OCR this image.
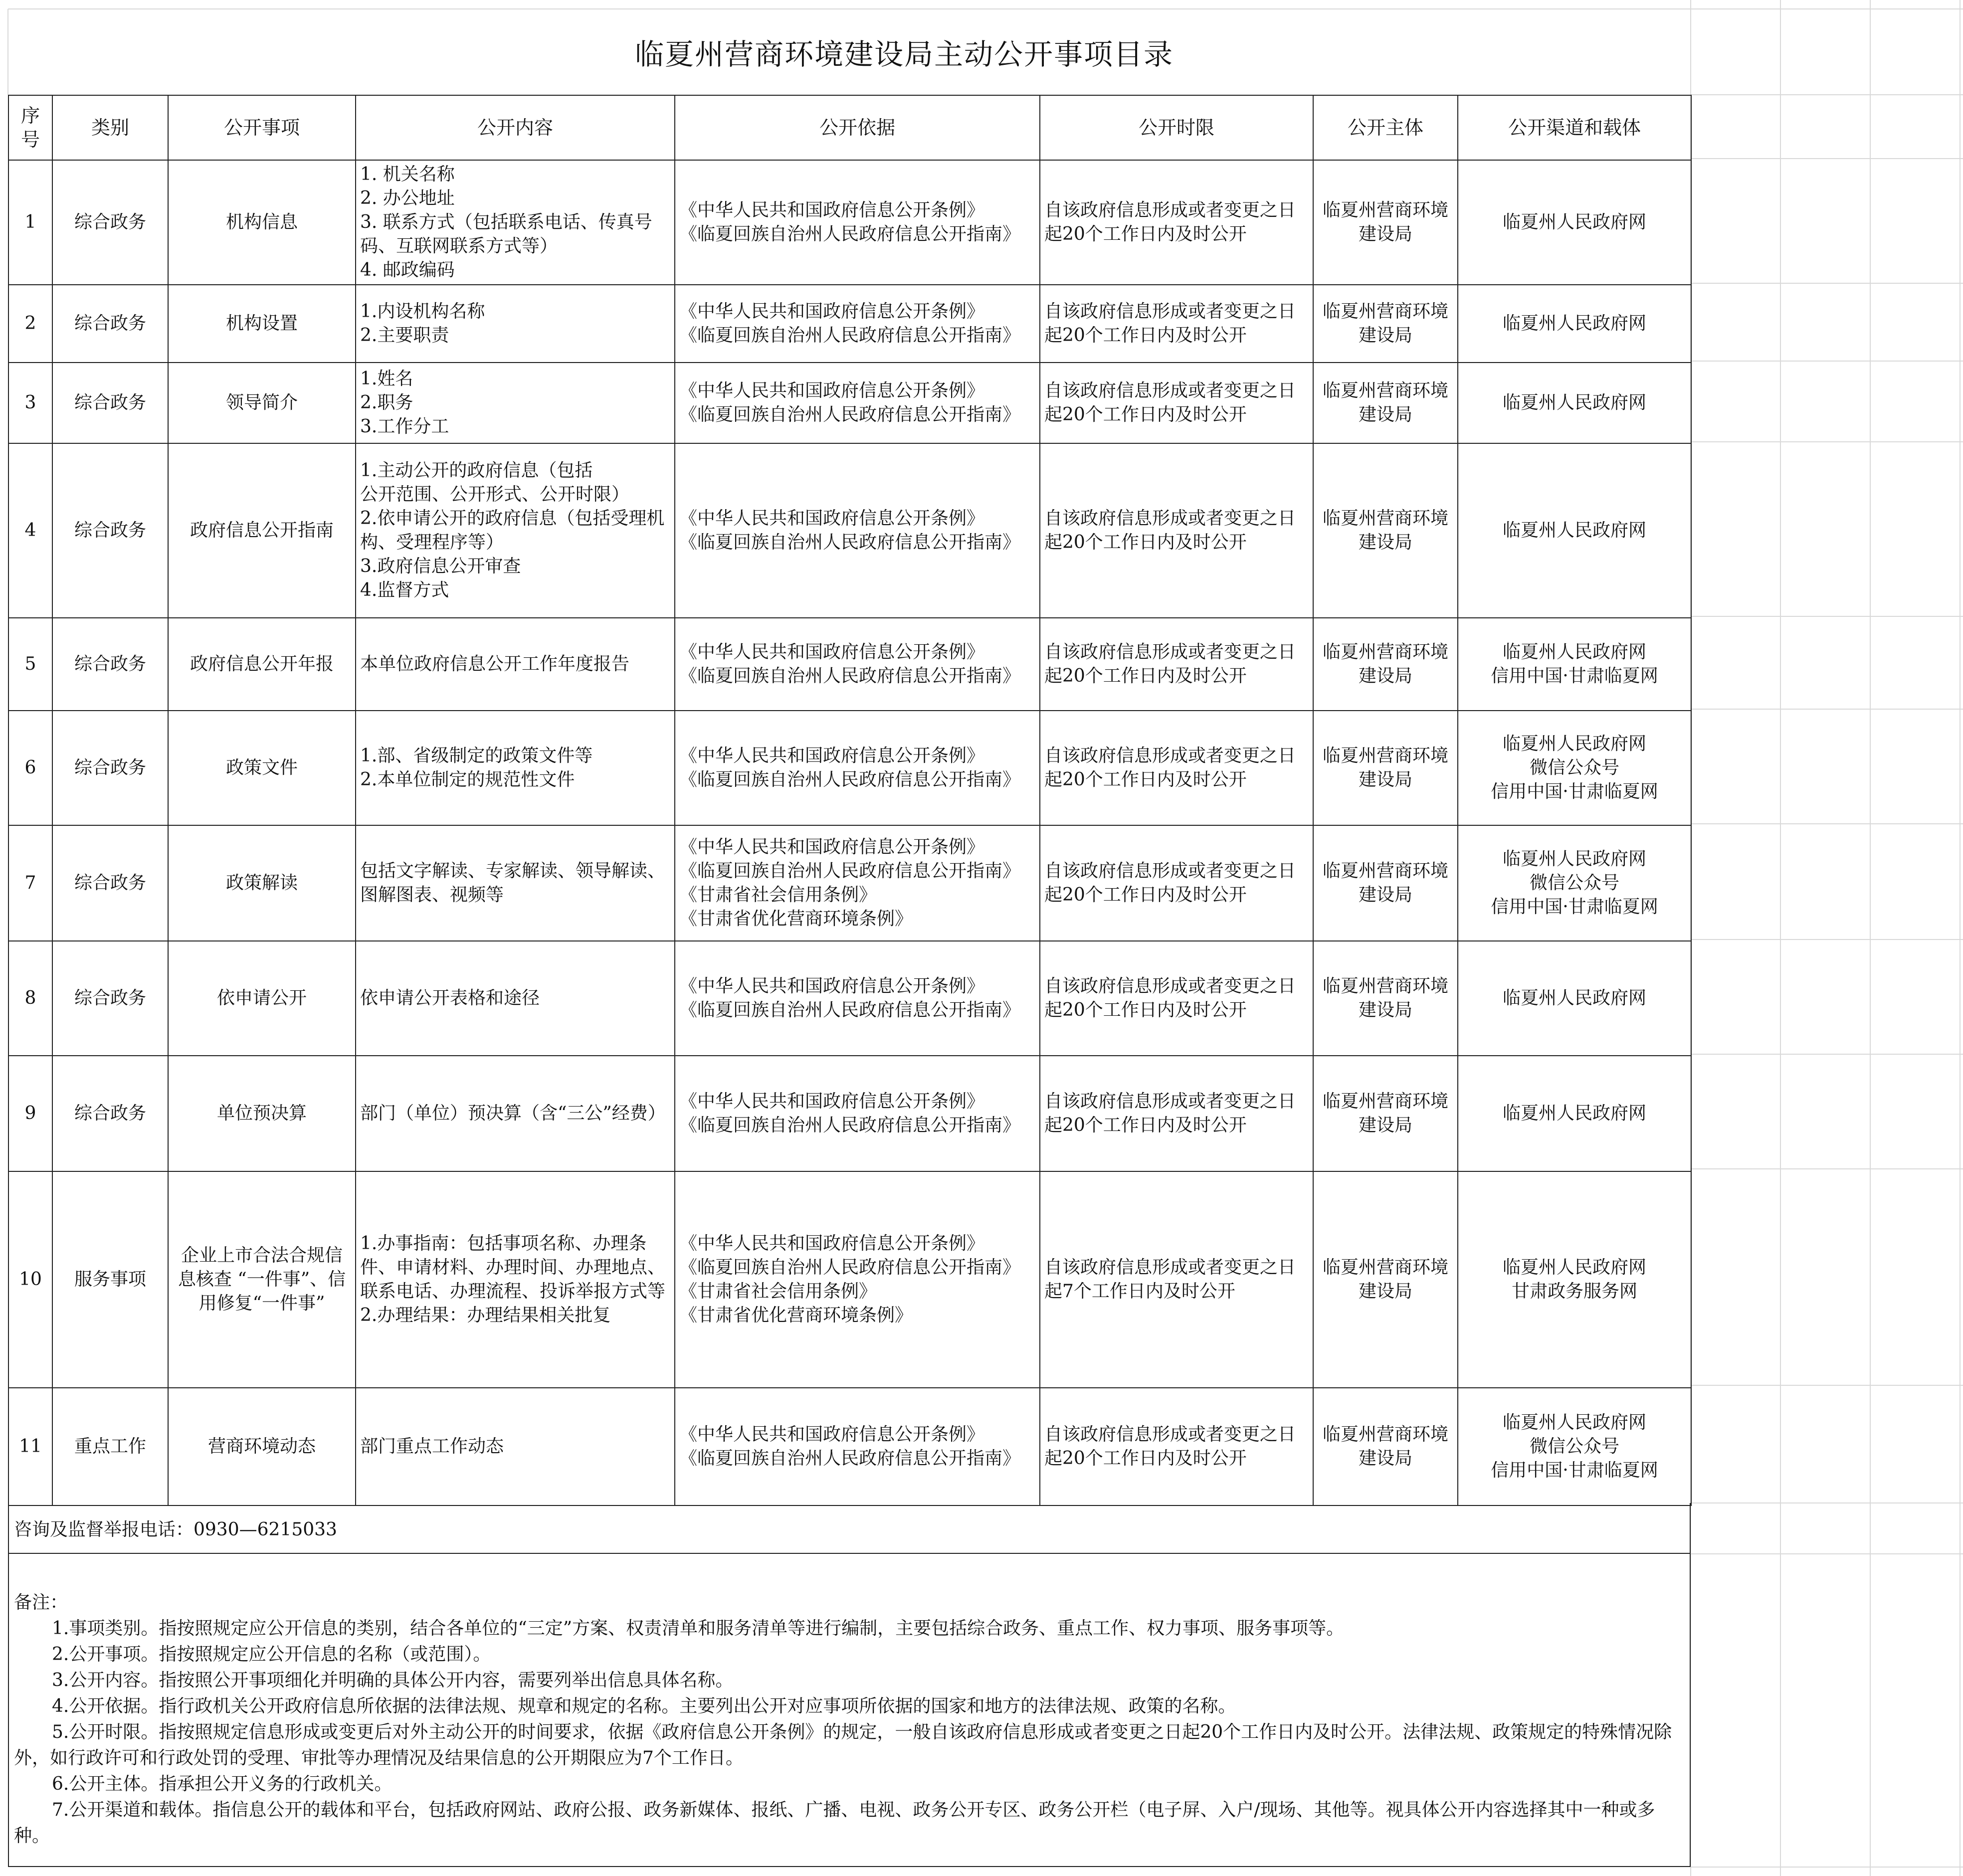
临夏州营商环境建设局主动公开事项目录
序号	类别	公开事项	公开内容	公开依据	公开时限	公开主体	公开渠道和载体
1	综合政务	机构信息	1. 机关名称
2. 办公地址
3. 联系方式（包括联系电话、传真号码、互联网联系方式等）
4. 邮政编码	《中华人民共和国政府信息公开条例》
《临夏回族自治州人民政府信息公开指南》	自该政府信息形成或者变更之日起20个工作日内及时公开	临夏州营商环境建设局	临夏州人民政府网
2	综合政务	机构设置	1.内设机构名称
2.主要职责	《中华人民共和国政府信息公开条例》
《临夏回族自治州人民政府信息公开指南》	自该政府信息形成或者变更之日起20个工作日内及时公开	临夏州营商环境建设局	临夏州人民政府网
3	综合政务	领导简介	1.姓名
2.职务
3.工作分工	《中华人民共和国政府信息公开条例》
《临夏回族自治州人民政府信息公开指南》	自该政府信息形成或者变更之日起20个工作日内及时公开	临夏州营商环境建设局	临夏州人民政府网
4	综合政务	政府信息公开指南	1.主动公开的政府信息（包括
公开范围、公开形式、公开时限）
2.依申请公开的政府信息（包括受理机构、受理程序等）
3.政府信息公开审查
4.监督方式	《中华人民共和国政府信息公开条例》
《临夏回族自治州人民政府信息公开指南》	自该政府信息形成或者变更之日起20个工作日内及时公开	临夏州营商环境建设局	临夏州人民政府网
5	综合政务	政府信息公开年报	本单位政府信息公开工作年度报告	《中华人民共和国政府信息公开条例》
《临夏回族自治州人民政府信息公开指南》	自该政府信息形成或者变更之日起20个工作日内及时公开	临夏州营商环境建设局	临夏州人民政府网
信用中国·甘肃临夏网
6	综合政务	政策文件	1.部、省级制定的政策文件等
2.本单位制定的规范性文件	《中华人民共和国政府信息公开条例》
《临夏回族自治州人民政府信息公开指南》	自该政府信息形成或者变更之日起20个工作日内及时公开	临夏州营商环境建设局	临夏州人民政府网
微信公众号
信用中国·甘肃临夏网
7	综合政务	政策解读	包括文字解读、专家解读、领导解读、图解图表、视频等	《中华人民共和国政府信息公开条例》
《临夏回族自治州人民政府信息公开指南》
《甘肃省社会信用条例》
《甘肃省优化营商环境条例》	自该政府信息形成或者变更之日起20个工作日内及时公开	临夏州营商环境建设局	临夏州人民政府网
微信公众号
信用中国·甘肃临夏网
8	综合政务	依申请公开	依申请公开表格和途径	《中华人民共和国政府信息公开条例》
《临夏回族自治州人民政府信息公开指南》	自该政府信息形成或者变更之日起20个工作日内及时公开	临夏州营商环境建设局	临夏州人民政府网
9	综合政务	单位预决算	部门（单位）预决算（含“三公”经费）	《中华人民共和国政府信息公开条例》
《临夏回族自治州人民政府信息公开指南》	自该政府信息形成或者变更之日起20个工作日内及时公开	临夏州营商环境建设局	临夏州人民政府网
10	服务事项	企业上市合法合规信息核查 “一件事”、信用修复“一件事”	1.办事指南：包括事项名称、办理条件、申请材料、办理时间、办理地点、联系电话、办理流程、投诉举报方式等
2.办理结果：办理结果相关批复	《中华人民共和国政府信息公开条例》
《临夏回族自治州人民政府信息公开指南》
《甘肃省社会信用条例》
《甘肃省优化营商环境条例》	自该政府信息形成或者变更之日起7个工作日内及时公开	临夏州营商环境建设局	临夏州人民政府网
甘肃政务服务网
11	重点工作	营商环境动态	部门重点工作动态	《中华人民共和国政府信息公开条例》
《临夏回族自治州人民政府信息公开指南》	自该政府信息形成或者变更之日起20个工作日内及时公开	临夏州营商环境建设局	临夏州人民政府网
微信公众号
信用中国·甘肃临夏网
咨询及监督举报电话：0930—6215033
备注：
1.事项类别。指按照规定应公开信息的类别，结合各单位的“三定”方案、权责清单和服务清单等进行编制，主要包括综合政务、重点工作、权力事项、服务事项等。
2.公开事项。指按照规定应公开信息的名称（或范围）。
3.公开内容。指按照公开事项细化并明确的具体公开内容，需要列举出信息具体名称。
4.公开依据。指行政机关公开政府信息所依据的法律法规、规章和规定的名称。主要列出公开对应事项所依据的国家和地方的法律法规、政策的名称。
5.公开时限。指按照规定信息形成或变更后对外主动公开的时间要求，依据《政府信息公开条例》的规定，一般自该政府信息形成或者变更之日起20个工作日内及时公开。法律法规、政策规定的特殊情况除外，如行政许可和行政处罚的受理、审批等办理情况及结果信息的公开期限应为7个工作日。
6.公开主体。指承担公开义务的行政机关。
7.公开渠道和载体。指信息公开的载体和平台，包括政府网站、政府公报、政务新媒体、报纸、广播、电视、政务公开专区、政务公开栏（电子屏、入户/现场、其他等。视具体公开内容选择其中一种或多种。
